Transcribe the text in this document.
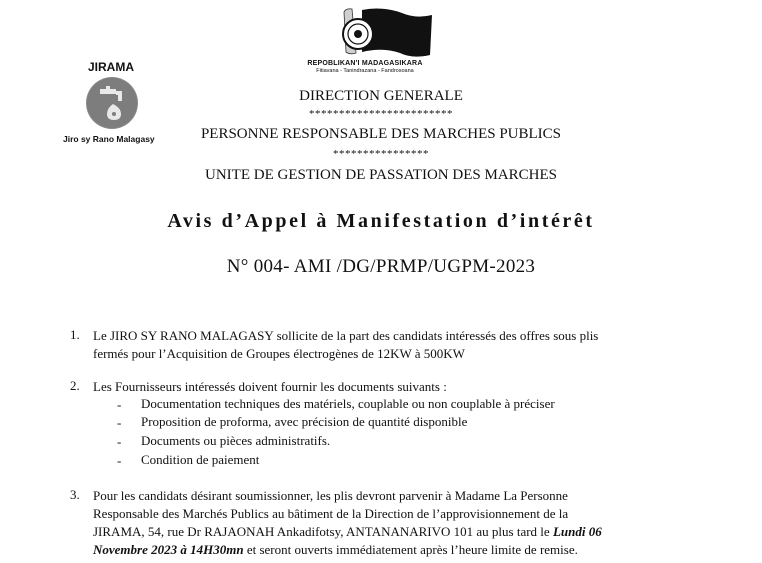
JIRAMA
Jiro sy Rano Malagasy
REPOBLIKAN'I MADAGASIKARA
Fitiavana - Tanindrazana - Fandrosoana
DIRECTION GENERALE
************************
PERSONNE RESPONSABLE DES MARCHES PUBLICS
****************
UNITE DE GESTION DE PASSATION DES MARCHES
Avis d’Appel à Manifestation d’intérêt
N° 004- AMI /DG/PRMP/UGPM-2023
1. Le JIRO SY RANO MALAGASY sollicite de la part des candidats intéressés des offres sous plis
fermés pour l’Acquisition de Groupes électrogènes de 12KW à 500KW
2. Les Fournisseurs intéressés doivent fournir les documents suivants :
- Documentation techniques des matériels, couplable ou non couplable à préciser
- Proposition de proforma, avec précision de quantité disponible
- Documents ou pièces administratifs.
- Condition de paiement
3. Pour les candidats désirant soumissionner, les plis devront parvenir à Madame La Personne
Responsable des Marchés Publics au bâtiment de la Direction de l’approvisionnement de la
JIRAMA, 54, rue Dr RAJAONAH Ankadifotsy, ANTANANARIVO 101 au plus tard le Lundi 06
Novembre 2023 à 14H30mn et seront ouverts immédiatement après l’heure limite de remise.
